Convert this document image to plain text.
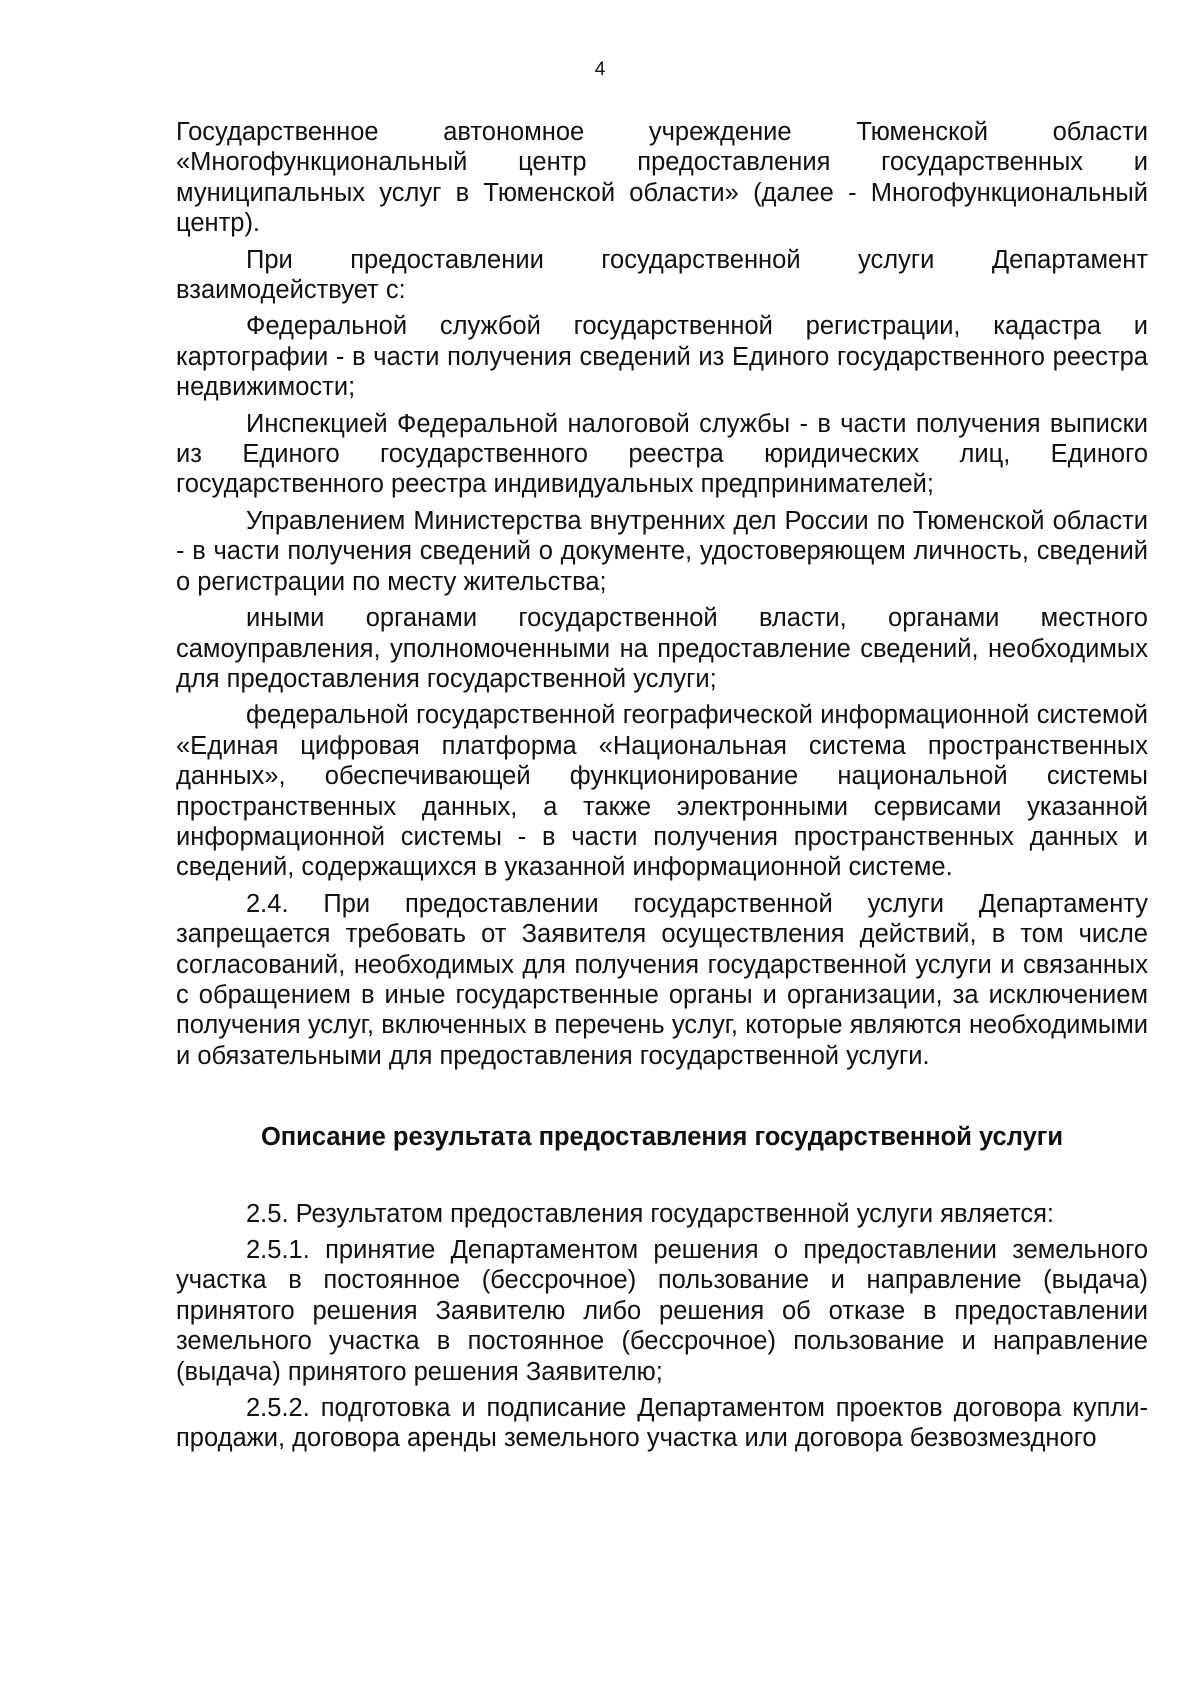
4

Государственное автономное учреждение Тюменской области «Многофункциональный центр предоставления государственных и муниципальных услуг в Тюменской области» (далее - Многофункциональный центр).

При предоставлении государственной услуги Департамент взаимодействует с:

Федеральной службой государственной регистрации, кадастра и картографии - в части получения сведений из Единого государственного реестра недвижимости;

Инспекцией Федеральной налоговой службы - в части получения выписки из Единого государственного реестра юридических лиц, Единого государственного реестра индивидуальных предпринимателей;

Управлением Министерства внутренних дел России по Тюменской области - в части получения сведений о документе, удостоверяющем личность, сведений о регистрации по месту жительства;

иными органами государственной власти, органами местного самоуправления, уполномоченными на предоставление сведений, необходимых для предоставления государственной услуги;

федеральной государственной географической информационной системой «Единая цифровая платформа «Национальная система пространственных данных», обеспечивающей функционирование национальной системы пространственных данных, а также электронными сервисами указанной информационной системы - в части получения пространственных данных и сведений, содержащихся в указанной информационной системе.

2.4. При предоставлении государственной услуги Департаменту запрещается требовать от Заявителя осуществления действий, в том числе согласований, необходимых для получения государственной услуги и связанных с обращением в иные государственные органы и организации, за исключением получения услуг, включенных в перечень услуг, которые являются необходимыми и обязательными для предоставления государственной услуги.

Описание результата предоставления государственной услуги

2.5. Результатом предоставления государственной услуги является:

2.5.1. принятие Департаментом решения о предоставлении земельного участка в постоянное (бессрочное) пользование и направление (выдача) принятого решения Заявителю либо решения об отказе в предоставлении земельного участка в постоянное (бессрочное) пользование и направление (выдача) принятого решения Заявителю;

2.5.2. подготовка и подписание Департаментом проектов договора купли-продажи, договора аренды земельного участка или договора безвозмездного
